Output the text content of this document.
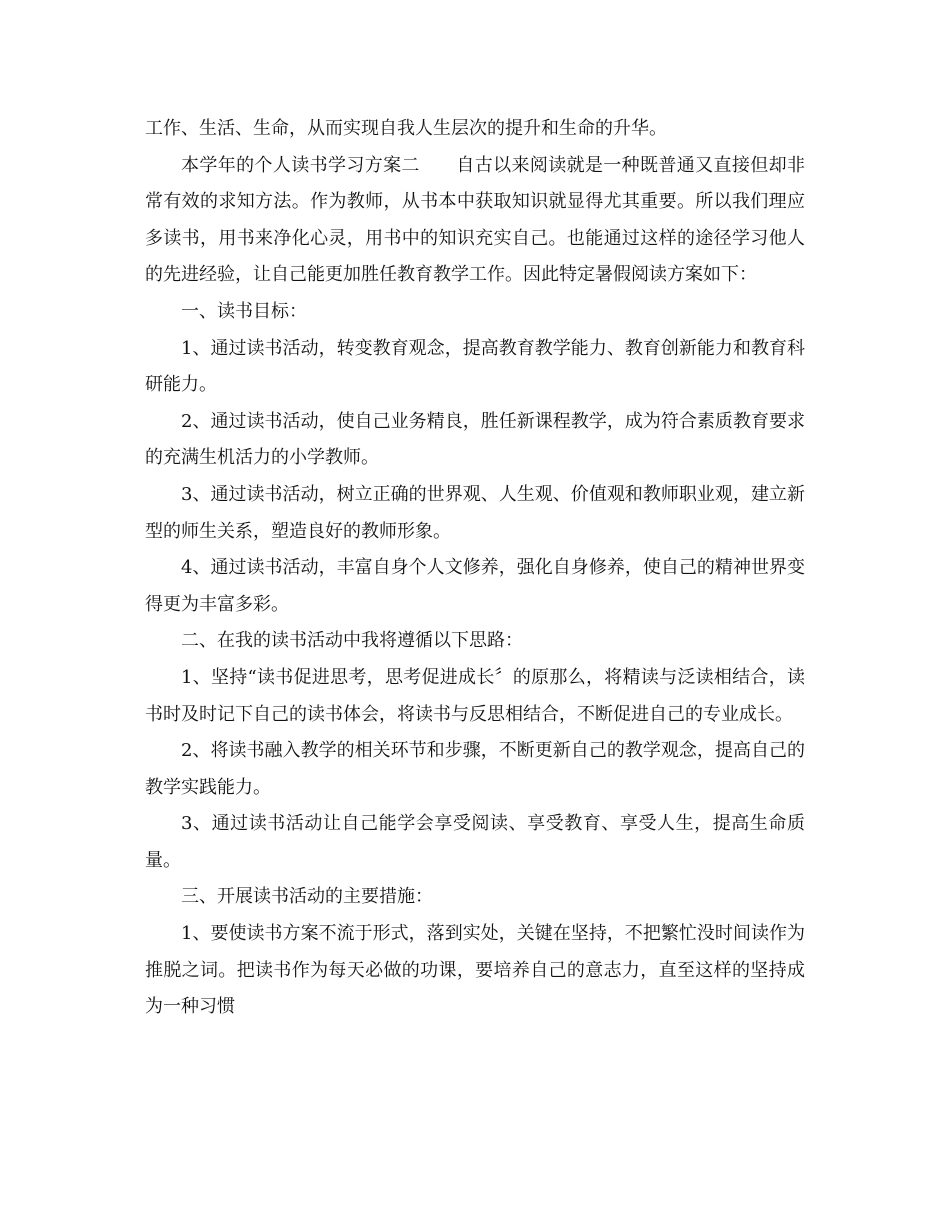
工作、生活、生命，从而实现自我人生层次的提升和生命的升华。

本学年的个人读书学习方案二      自古以来阅读就是一种既普通又直接但却非常有效的求知方法。作为教师，从书本中获取知识就显得尤其重要。所以我们理应多读书，用书来净化心灵，用书中的知识充实自己。也能通过这样的途径学习他人的先进经验，让自己能更加胜任教育教学工作。因此特定暑假阅读方案如下：

一、读书目标：

1、通过读书活动，转变教育观念，提高教育教学能力、教育创新能力和教育科研能力。

2、通过读书活动，使自己业务精良，胜任新课程教学，成为符合素质教育要求的充满生机活力的小学教师。

3、通过读书活动，树立正确的世界观、人生观、价值观和教师职业观，建立新型的师生关系，塑造良好的教师形象。

4、通过读书活动，丰富自身个人文修养，强化自身修养，使自己的精神世界变得更为丰富多彩。

二、在我的读书活动中我将遵循以下思路：

1、坚持“读书促进思考，思考促进成长〞的原那么，将精读与泛读相结合，读书时及时记下自己的读书体会，将读书与反思相结合，不断促进自己的专业成长。

2、将读书融入教学的相关环节和步骤，不断更新自己的教学观念，提高自己的教学实践能力。

3、通过读书活动让自己能学会享受阅读、享受教育、享受人生，提高生命质量。

三、开展读书活动的主要措施：

1、要使读书方案不流于形式，落到实处，关键在坚持，不把繁忙没时间读作为推脱之词。把读书作为每天必做的功课，要培养自己的意志力，直至这样的坚持成为一种习惯
